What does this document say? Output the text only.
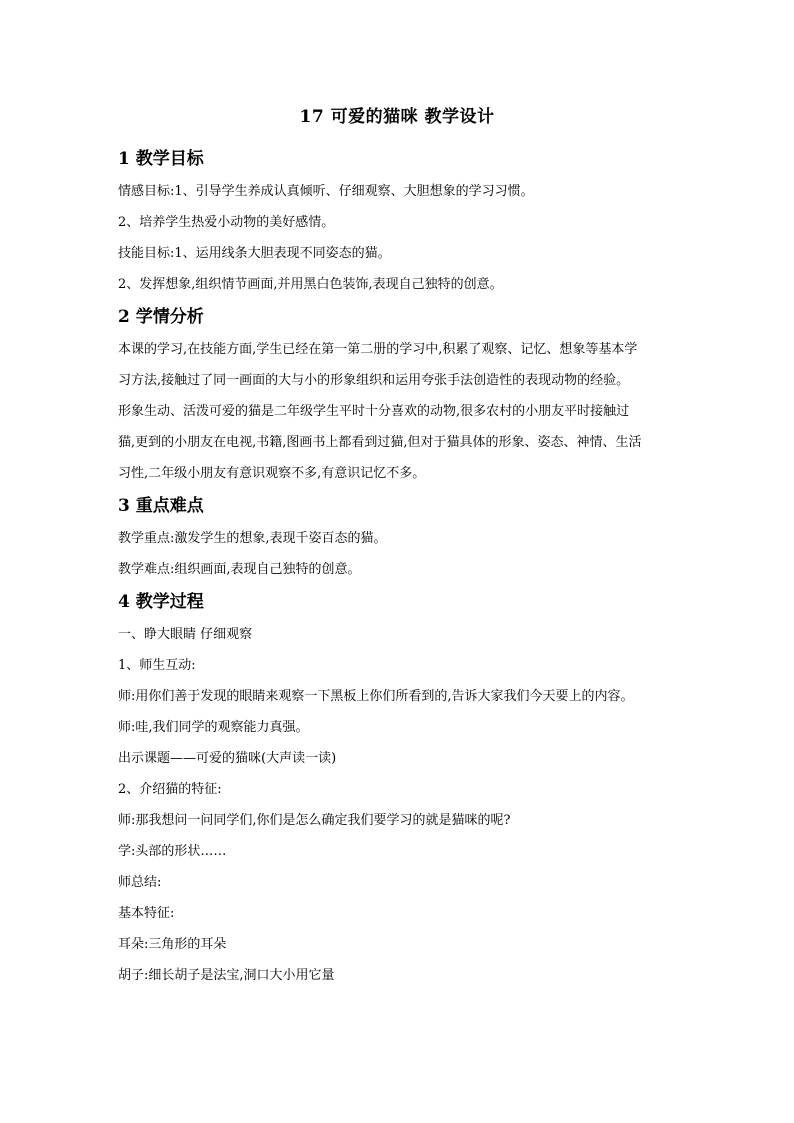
17 可爱的猫咪 教学设计
1 教学目标
情感目标:1、引导学生养成认真倾听、仔细观察、大胆想象的学习习惯。
2、培养学生热爱小动物的美好感情。
技能目标:1、运用线条大胆表现不同姿态的猫。
2、发挥想象,组织情节画面,并用黑白色装饰,表现自己独特的创意。
2 学情分析
本课的学习,在技能方面,学生已经在第一第二册的学习中,积累了观察、记忆、想象等基本学
习方法,接触过了同一画面的大与小的形象组织和运用夸张手法创造性的表现动物的经验。
形象生动、活泼可爱的猫是二年级学生平时十分喜欢的动物,很多农村的小朋友平时接触过
猫,更到的小朋友在电视,书籍,图画书上都看到过猫,但对于猫具体的形象、姿态、神情、生活
习性,二年级小朋友有意识观察不多,有意识记忆不多。
3 重点难点
教学重点:激发学生的想象,表现千姿百态的猫。
教学难点:组织画面,表现自己独特的创意。
4 教学过程
一、睁大眼睛 仔细观察
1、师生互动:
师:用你们善于发现的眼睛来观察一下黑板上你们所看到的,告诉大家我们今天要上的内容。
师:哇,我们同学的观察能力真强。
出示课题——可爱的猫咪(大声读一读)
2、介绍猫的特征:
师:那我想问一问同学们,你们是怎么确定我们要学习的就是猫咪的呢?
学:头部的形状……
师总结:
基本特征:
耳朵:三角形的耳朵
胡子:细长胡子是法宝,洞口大小用它量
